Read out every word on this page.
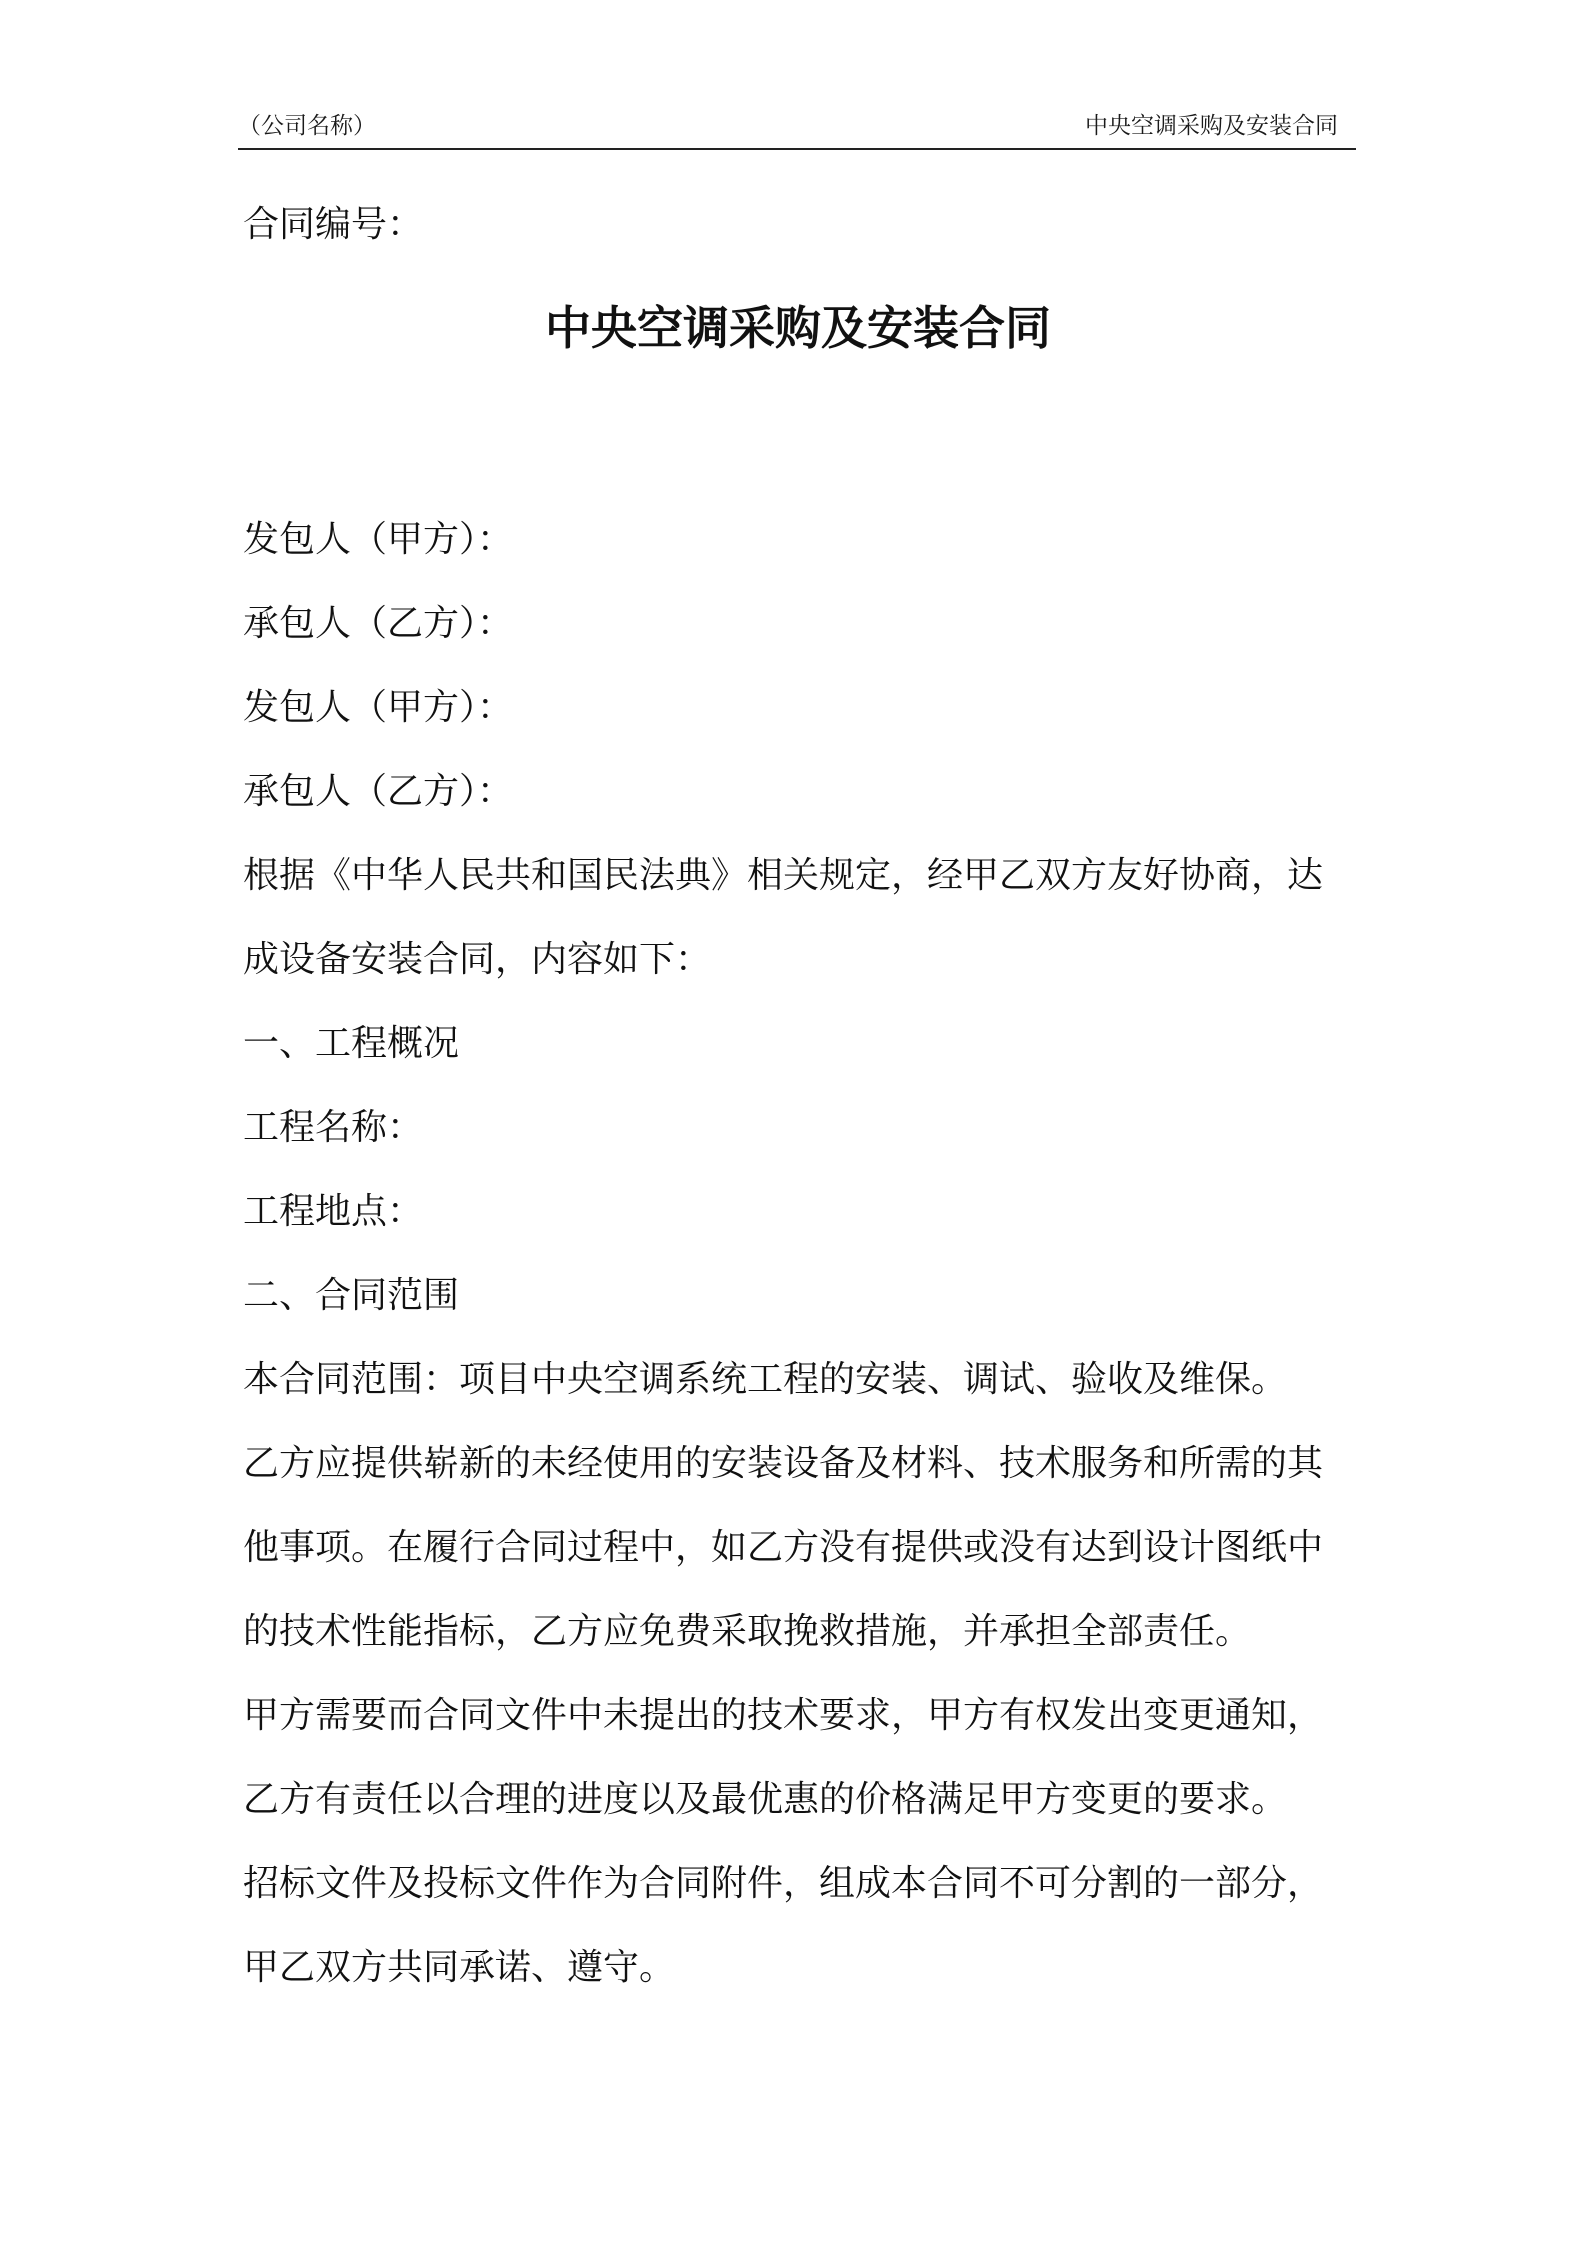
（公司名称）	中央空调采购及安装合同
合同编号：
中央空调采购及安装合同
发包人（甲方）：
承包人（乙方）：
发包人（甲方）：
承包人（乙方）：
根据《中华人民共和国民法典》相关规定，经甲乙双方友好协商，达
成设备安装合同，内容如下：
一、工程概况
工程名称：
工程地点：
二、合同范围
本合同范围：项目中央空调系统工程的安装、调试、验收及维保。
乙方应提供崭新的未经使用的安装设备及材料、技术服务和所需的其
他事项。在履行合同过程中，如乙方没有提供或没有达到设计图纸中
的技术性能指标，乙方应免费采取挽救措施，并承担全部责任。
甲方需要而合同文件中未提出的技术要求，甲方有权发出变更通知，
乙方有责任以合理的进度以及最优惠的价格满足甲方变更的要求。
招标文件及投标文件作为合同附件，组成本合同不可分割的一部分，
甲乙双方共同承诺、遵守。
